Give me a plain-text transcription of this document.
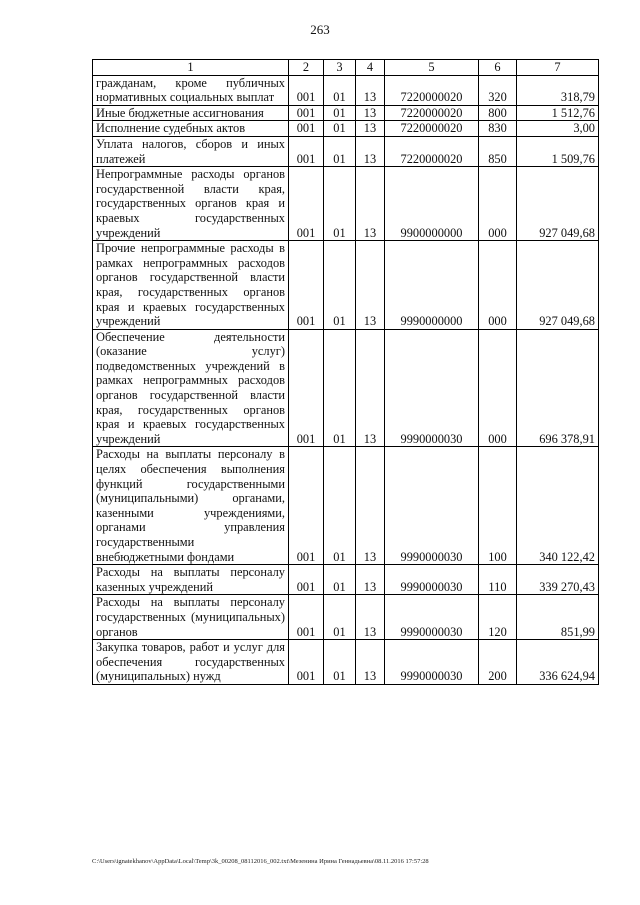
263
1	2	3	4	5	6	7
гражданам, кроме публичных нормативных социальных выплат	001	01	13	7220000020	320	318,79
Иные бюджетные ассигнования	001	01	13	7220000020	800	1 512,76
Исполнение судебных актов	001	01	13	7220000020	830	3,00
Уплата налогов, сборов и иных платежей	001	01	13	7220000020	850	1 509,76
Непрограммные расходы органов государственной власти края, государственных органов края и краевых государственных учреждений	001	01	13	9900000000	000	927 049,68
Прочие непрограммные расходы в рамках непрограммных расходов органов государственной власти края, государственных органов края и краевых государственных учреждений	001	01	13	9990000000	000	927 049,68
Обеспечение деятельности (оказание услуг) подведомственных учреждений в рамках непрограммных расходов органов государственной власти края, государственных органов края и краевых государственных учреждений	001	01	13	9990000030	000	696 378,91
Расходы на выплаты персоналу в целях обеспечения выполнения функций государственными (муниципальными) органами, казенными учреждениями, органами управления государственными внебюджетными фондами	001	01	13	9990000030	100	340 122,42
Расходы на выплаты персоналу казенных учреждений	001	01	13	9990000030	110	339 270,43
Расходы на выплаты персоналу государственных (муниципальных) органов	001	01	13	9990000030	120	851,99
Закупка товаров, работ и услуг для обеспечения государственных (муниципальных) нужд	001	01	13	9990000030	200	336 624,94
C:\Users\ignatekhanov\AppData\Local\Temp\3k_00208_08112016_002.txt\Мезенина Ирина Геннадьевна\08.11.2016 17:57:28
